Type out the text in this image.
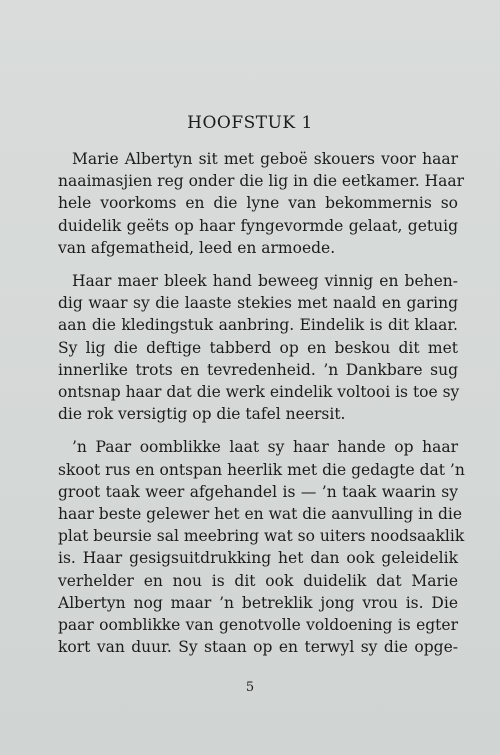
HOOFSTUK 1

Marie Albertyn sit met geboë skouers voor haar
naaimasjien reg onder die lig in die eetkamer. Haar
hele voorkoms en die lyne van bekommernis so
duidelik geëts op haar fyngevormde gelaat, getuig
van afgematheid, leed en armoede.

Haar maer bleek hand beweeg vinnig en behen-
dig waar sy die laaste stekies met naald en garing
aan die kledingstuk aanbring. Eindelik is dit klaar.
Sy lig die deftige tabberd op en beskou dit met
innerlike trots en tevredenheid. ’n Dankbare sug
ontsnap haar dat die werk eindelik voltooi is toe sy
die rok versigtig op die tafel neersit.

’n Paar oomblikke laat sy haar hande op haar
skoot rus en ontspan heerlik met die gedagte dat ’n
groot taak weer afgehandel is — ’n taak waarin sy
haar beste gelewer het en wat die aanvulling in die
plat beursie sal meebring wat so uiters noodsaaklik
is. Haar gesigsuitdrukking het dan ook geleidelik
verhelder en nou is dit ook duidelik dat Marie
Albertyn nog maar ’n betreklik jong vrou is. Die
paar oomblikke van genotvolle voldoening is egter
kort van duur. Sy staan op en terwyl sy die opge-

5
